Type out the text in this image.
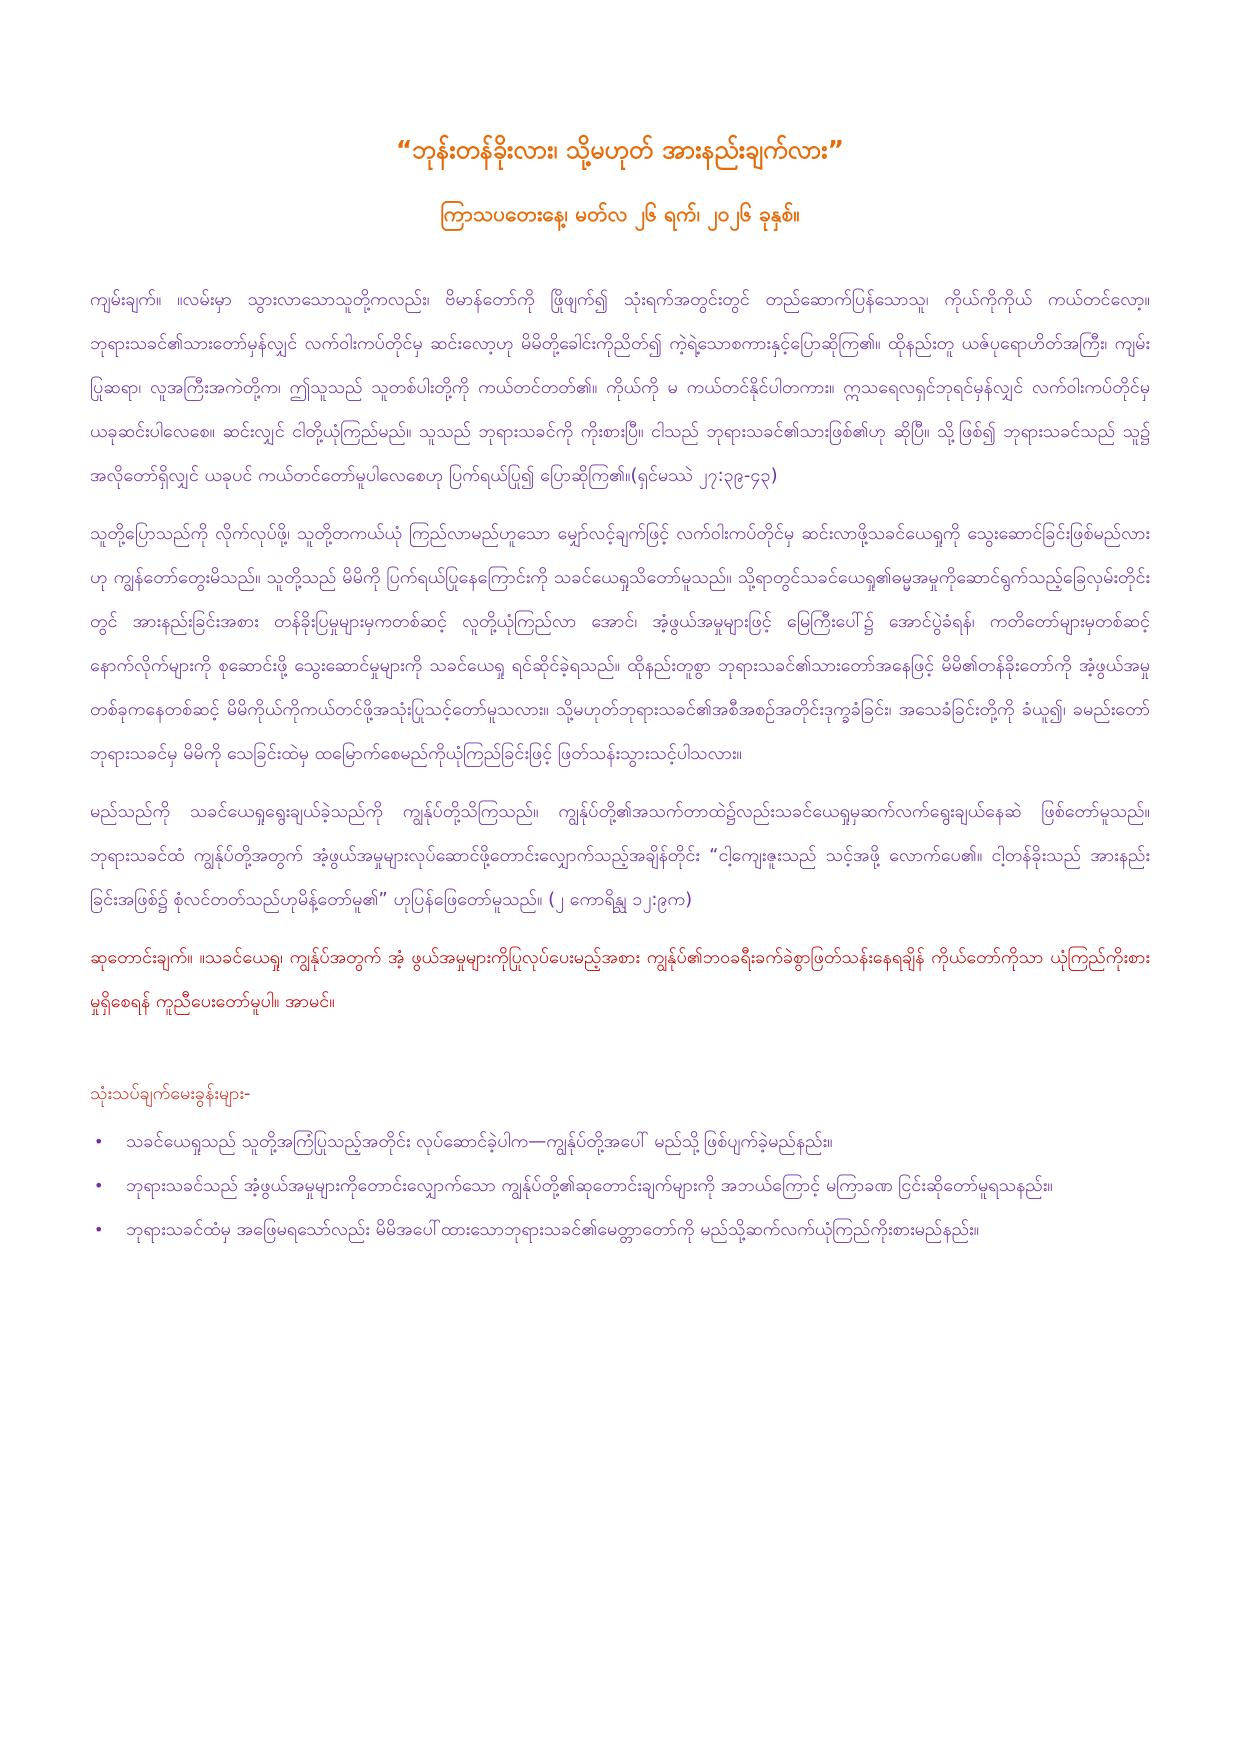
“ဘုန်းတန်ခိုးလား၊ သို့မဟုတ် အားနည်းချက်လား”

ကြာသပတေးနေ့၊ မတ်လ ၂၆ ရက်၊ ၂၀၂၆ ခုနှစ်။

ကျမ်းချက်။ ။လမ်းမှာ သွားလာသောသူတို့ကလည်း၊ ဗိမာန်တော်ကို ဖြိုဖျက်၍ သုံးရက်အတွင်းတွင် တည်ဆောက်ပြန်သောသူ၊ ကိုယ်ကိုကိုယ် ကယ်တင်လော့။ ဘုရားသခင်၏သားတော်မှန်လျှင် လက်ဝါးကပ်တိုင်မှ ဆင်းလော့ဟု မိမိတို့ခေါင်းကိုညိတ်၍ ကဲ့ရဲ့သောစကားနှင့်ပြောဆိုကြ၏။ ထိုနည်းတူ ယဇ်ပုရောဟိတ်အကြီး၊ ကျမ်းပြုဆရာ၊ လူအကြီးအကဲတို့က၊ ဤသူသည် သူတစ်ပါးတို့ကို ကယ်တင်တတ်၏။ ကိုယ်ကို မ ကယ်တင်နိုင်ပါတကား။ ဣသရေလရှင်ဘုရင်မှန်လျှင် လက်ဝါးကပ်တိုင်မှ ယခုဆင်းပါလေစေ။ ဆင်းလျှင် ငါတို့ယုံကြည်မည်။ သူသည် ဘုရားသခင်ကို ကိုးစားပြီ။ ငါသည် ဘုရားသခင်၏သားဖြစ်၏ဟု ဆိုပြီ။ သို့ဖြစ်၍ ဘုရားသခင်သည် သူ၌ အလိုတော်ရှိလျှင် ယခုပင် ကယ်တင်တော်မူပါလေစေဟု ပြက်ရယ်ပြု၍ ပြောဆိုကြ၏။(ရှင်မဿဲ ၂၇:၃၉-၄၃)

သူတို့ပြောသည်ကို လိုက်လုပ်ဖို့၊ သူတို့တကယ်ယုံ ကြည်လာမည်ဟူသော မျှော်လင့်ချက်ဖြင့် လက်ဝါးကပ်တိုင်မှ ဆင်းလာဖို့သခင်ယေရှုကို သွေးဆောင်ခြင်းဖြစ်မည်လားဟု ကျွန်တော်တွေးမိသည်။ သူတို့သည် မိမိကို ပြက်ရယ်ပြုနေကြောင်းကို သခင်ယေရှုသိတော်မူသည်။ သို့ရာတွင်သခင်ယေရှု၏ဓမ္မအမှုကိုဆောင်ရွက်သည့်ခြေလှမ်းတိုင်းတွင် အားနည်းခြင်းအစား တန်ခိုးပြမှုများမှကတစ်ဆင့် လူတို့ယုံကြည်လာ အောင်၊ အံ့ဖွယ်အမှုများဖြင့် မြေကြီးပေါ်၌ အောင်ပွဲခံရန်၊ ကတိတော်များမှတစ်ဆင့် နောက်လိုက်များကို စုဆောင်းဖို့ သွေးဆောင်မှုများကို သခင်ယေရှု ရင်ဆိုင်ခဲ့ရသည်။ ထိုနည်းတူစွာ ဘုရားသခင်၏သားတော်အနေဖြင့် မိမိ၏တန်ခိုးတော်ကို အံ့ဖွယ်အမှုတစ်ခုကနေတစ်ဆင့် မိမိကိုယ်ကိုကယ်တင်ဖို့အသုံးပြုသင့်တော်မူသလား။ သို့မဟုတ်ဘုရားသခင်၏အစီအစဉ်အတိုင်းဒုက္ခခံခြင်း၊ အသေခံခြင်းတို့ကို ခံယူ၍၊ ခမည်းတော်ဘုရားသခင်မှ မိမိကို သေခြင်းထဲမှ ထမြောက်စေမည်ကိုယုံကြည်ခြင်းဖြင့် ဖြတ်သန်းသွားသင့်ပါသလား။

မည်သည်ကို သခင်ယေရှုရွေးချယ်ခဲ့သည်ကို ကျွန်ုပ်တို့သိကြသည်။ ကျွန်ုပ်တို့၏အသက်တာထဲ၌လည်းသခင်ယေရှုမှဆက်လက်ရွေးချယ်နေဆဲ ဖြစ်တော်မူသည်။ ဘုရားသခင်ထံ ကျွန်ုပ်တို့အတွက် အံ့ဖွယ်အမှုများလုပ်ဆောင်ဖို့တောင်းလျှောက်သည့်အချိန်တိုင်း “ငါ့ကျေးဇူးသည် သင့်အဖို့ လောက်ပေ၏။ ငါ့တန်ခိုးသည် အားနည်းခြင်းအဖြစ်၌ စုံလင်တတ်သည်ဟုမိန့်တော်မူ၏” ဟုပြန်ဖြေတော်မူသည်။ (၂ ကောရိန္သု ၁၂:၉က)

ဆုတောင်းချက်။ ။သခင်ယေရှု၊ ကျွန်ုပ်အတွက် အံ့ ဖွယ်အမှုများကိုပြုလုပ်ပေးမည့်အစား ကျွန်ုပ်၏ဘဝခရီးခက်ခဲစွာဖြတ်သန်းနေရချိန် ကိုယ်တော်ကိုသာ ယုံကြည်ကိုးစားမှုရှိစေရန် ကူညီပေးတော်မူပါ။ အာမင်။

သုံးသပ်ချက်မေးခွန်းများ-

• သခင်ယေရှုသည် သူတို့အကြံပြုသည့်အတိုင်း လုပ်ဆောင်ခဲ့ပါက—ကျွန်ုပ်တို့အပေါ် မည်သို့ဖြစ်ပျက်ခဲ့မည်နည်း။
• ဘုရားသခင်သည် အံ့ဖွယ်အမှုများကိုတောင်းလျှောက်သော ကျွန်ုပ်တို့၏ဆုတောင်းချက်များကို အဘယ်ကြောင့် မကြာခဏ ငြင်းဆိုတော်မူရသနည်း။
• ဘုရားသခင်ထံမှ အဖြေမရသော်လည်း မိမိအပေါ်ထားသောဘုရားသခင်၏မေတ္တာတော်ကို မည်သို့ဆက်လက်ယုံကြည်ကိုးစားမည်နည်း။
